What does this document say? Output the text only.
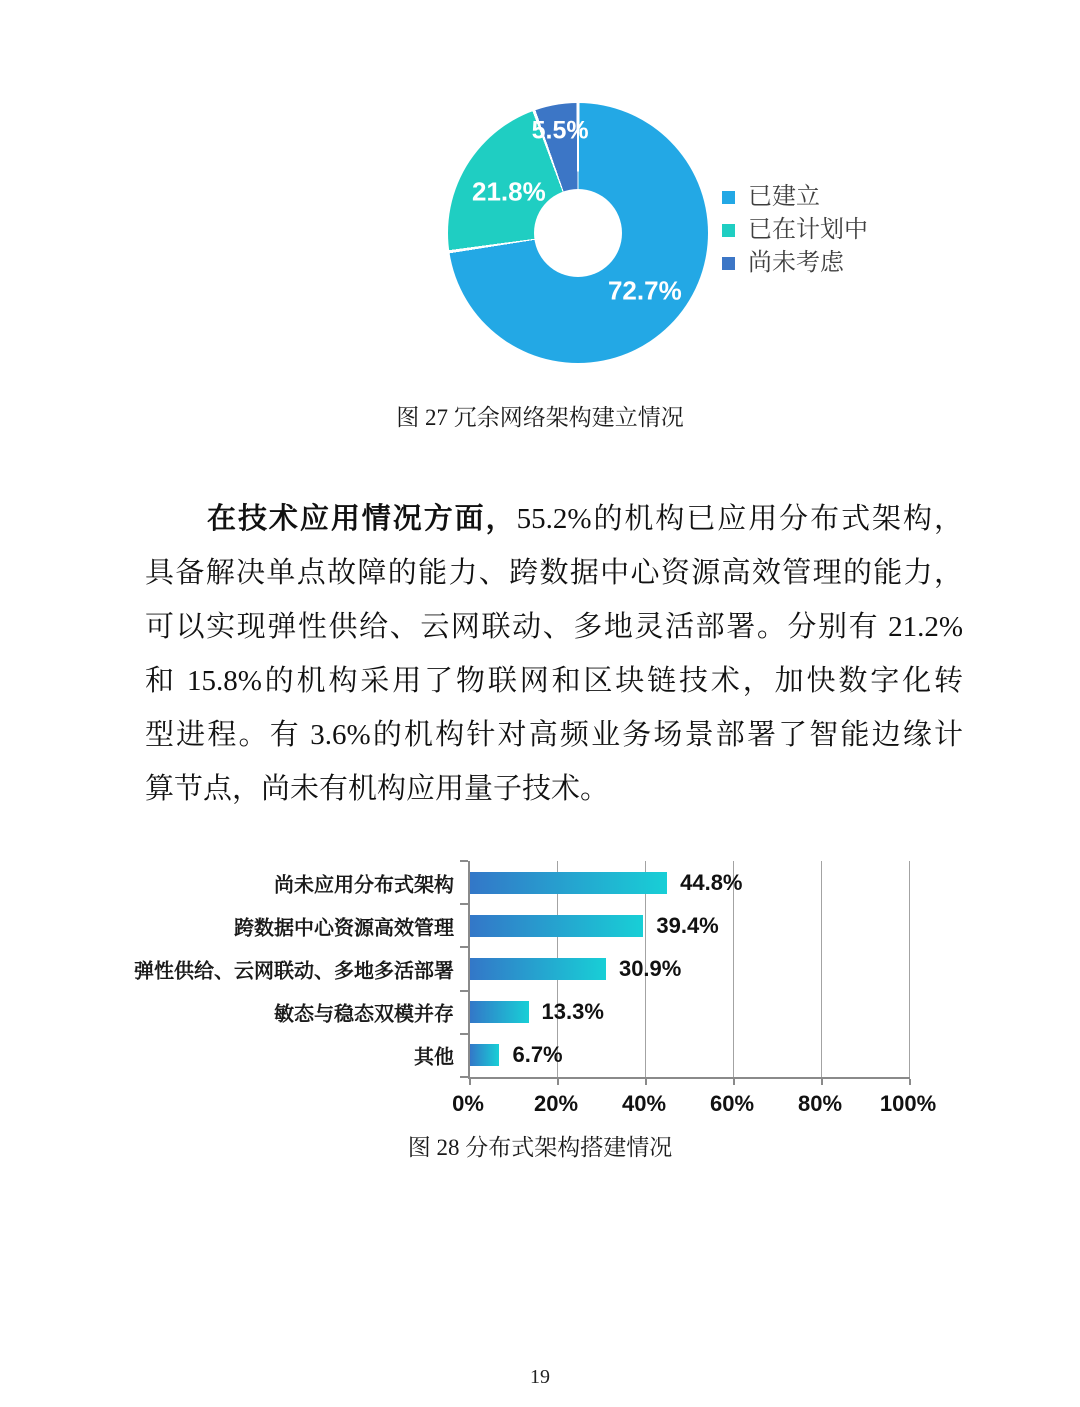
72.7%
21.8%
5.5%
已建立
已在计划中
尚未考虑
图 27 冗余网络架构建立情况
在技术应用情况方面，55.2%的机构已应用分布式架构，
具备解决单点故障的能力、跨数据中心资源高效管理的能力，
可以实现弹性供给、云网联动、多地灵活部署。分别有 21.2%
和 15.8%的机构采用了物联网和区块链技术，加快数字化转
型进程。有 3.6%的机构针对高频业务场景部署了智能边缘计
算节点，尚未有机构应用量子技术。
尚未应用分布式架构
跨数据中心资源高效管理
弹性供给、云网联动、多地多活部署
敏态与稳态双模并存
其他
44.8%
39.4%
30.9%
13.3%
6.7%
0% 20% 40% 60% 80% 100%
图 28 分布式架构搭建情况
19
